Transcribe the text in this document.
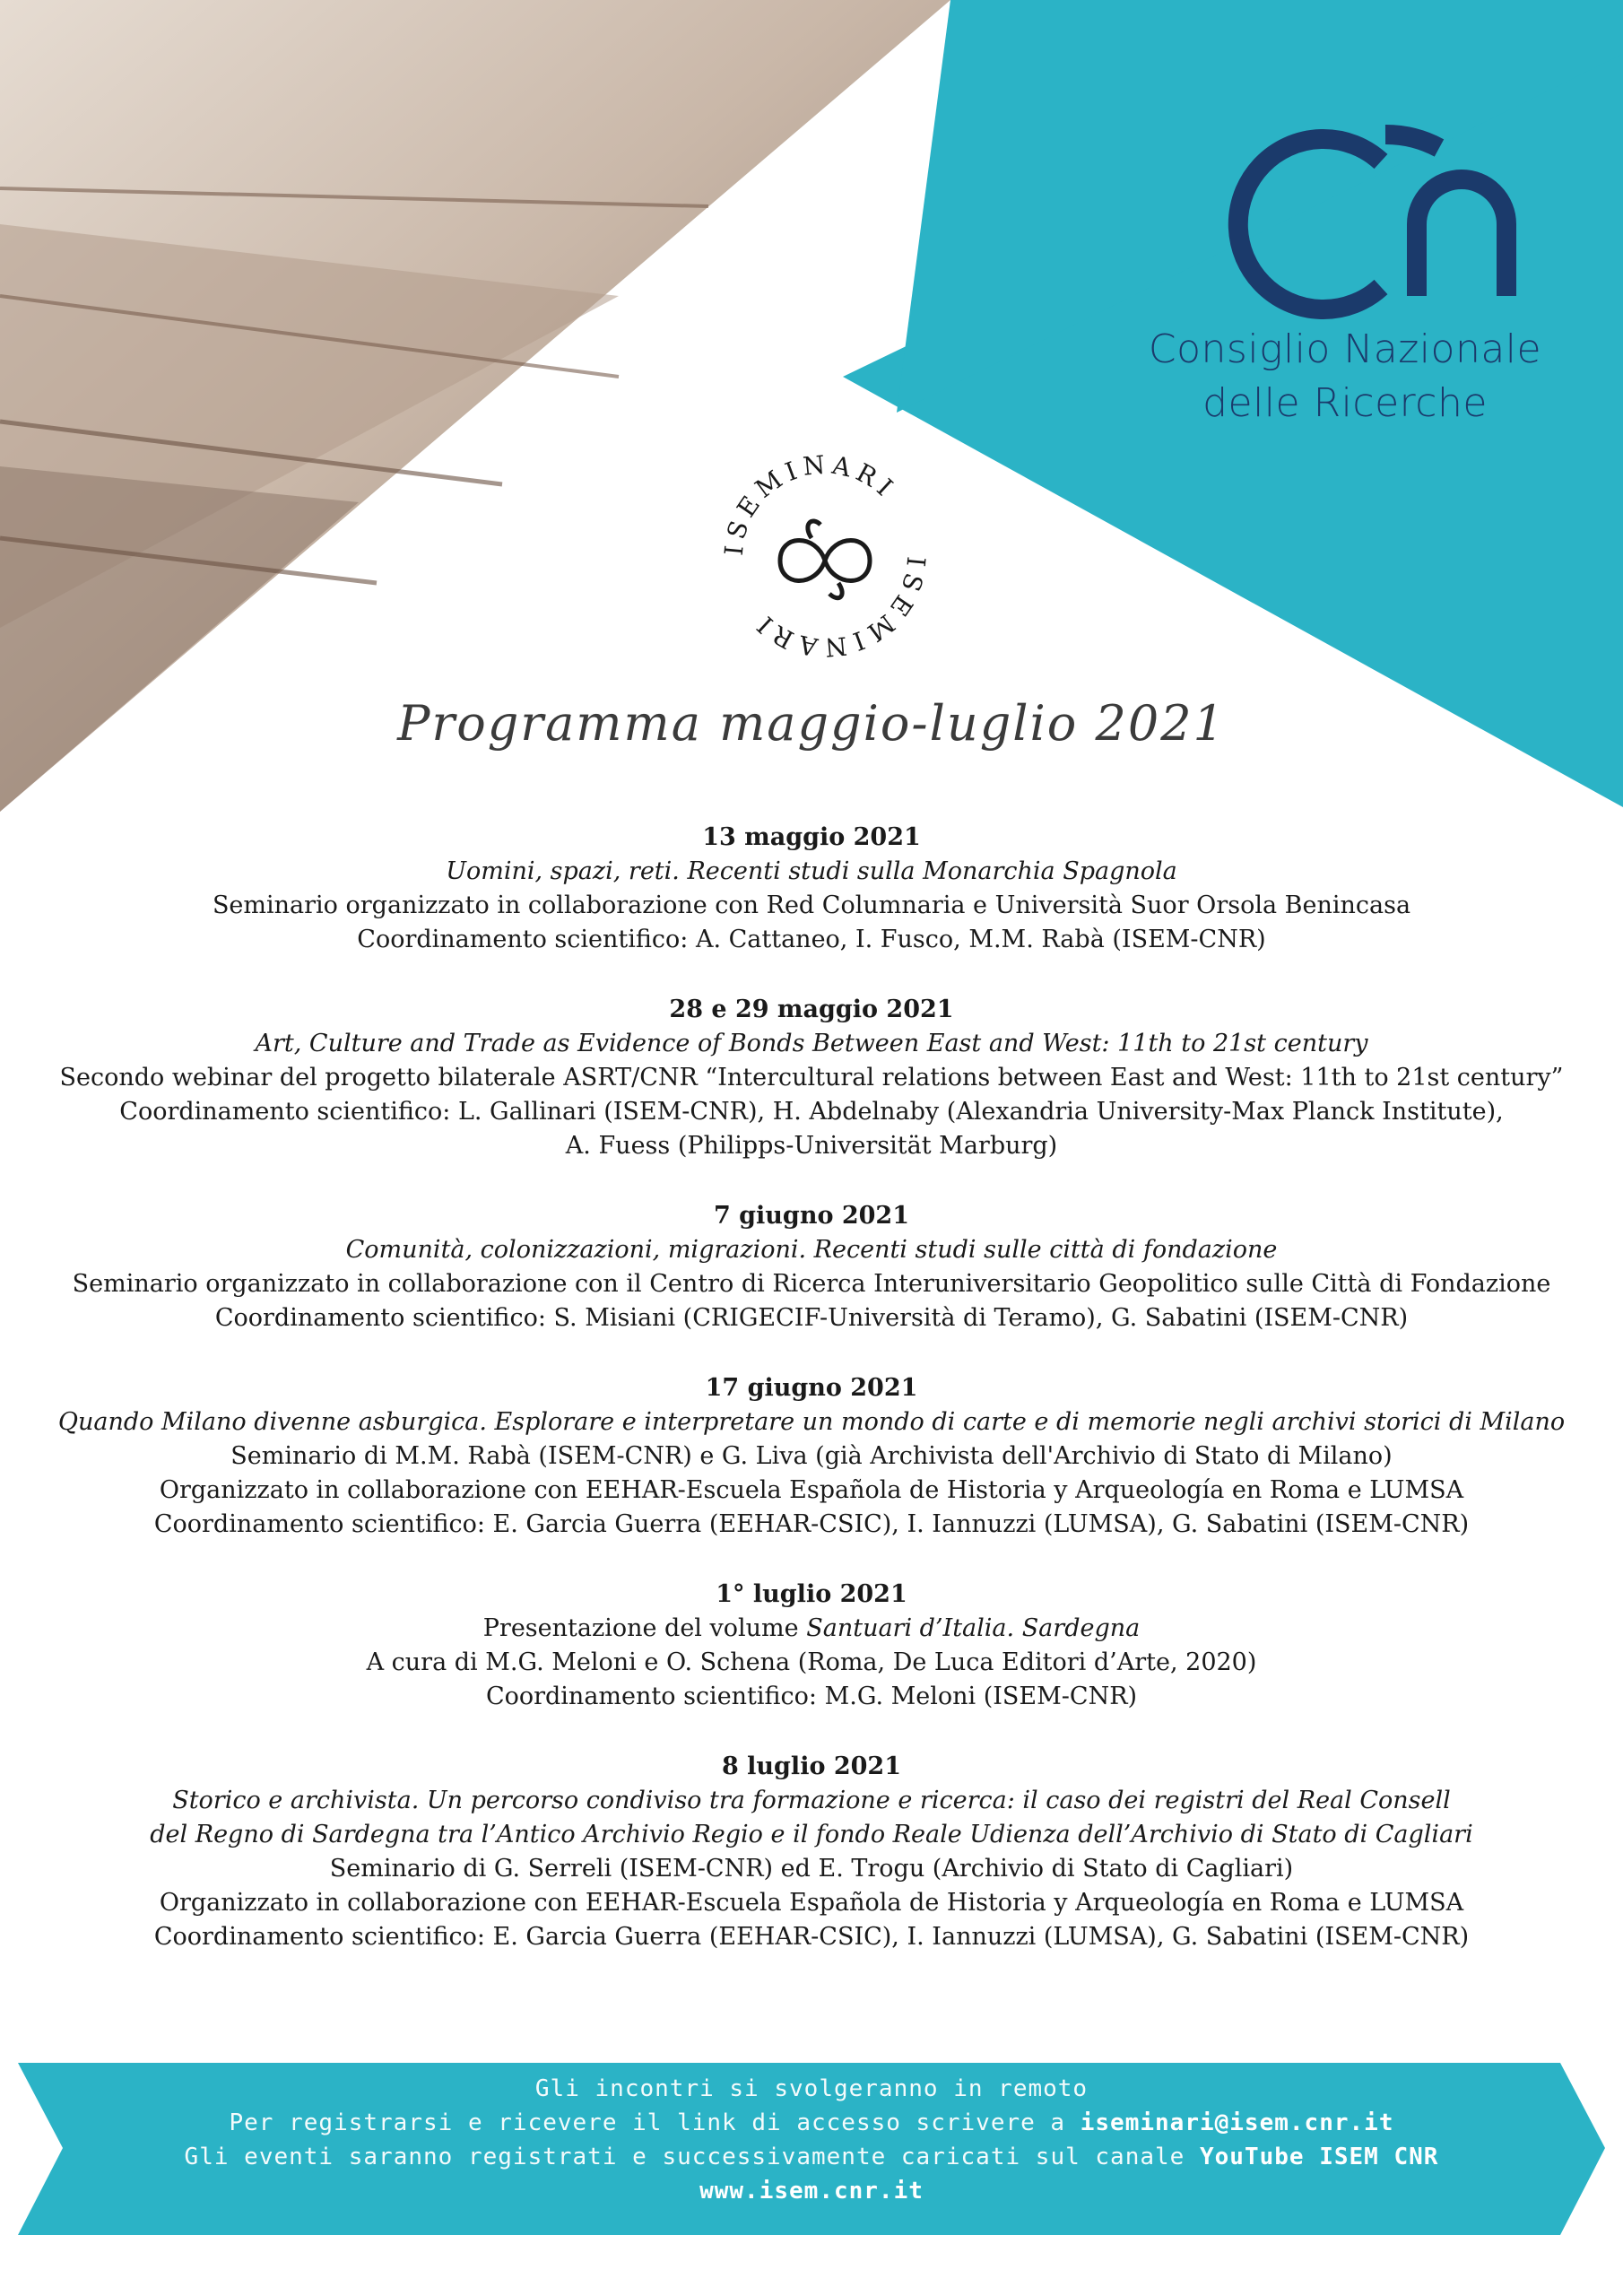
Consiglio Nazionale
delle Ricerche
ISEMINARI
ISEMINARI
Programma maggio-luglio 2021
13 maggio 2021
Uomini, spazi, reti. Recenti studi sulla Monarchia Spagnola
Seminario organizzato in collaborazione con Red Columnaria e Università Suor Orsola Benincasa
Coordinamento scientifico: A. Cattaneo, I. Fusco, M.M. Rabà (ISEM-CNR)
28 e 29 maggio 2021
Art, Culture and Trade as Evidence of Bonds Between East and West: 11th to 21st century
Secondo webinar del progetto bilaterale ASRT/CNR “Intercultural relations between East and West: 11th to 21st century”
Coordinamento scientifico: L. Gallinari (ISEM-CNR), H. Abdelnaby (Alexandria University-Max Planck Institute),
A. Fuess (Philipps-Universität Marburg)
7 giugno 2021
Comunità, colonizzazioni, migrazioni. Recenti studi sulle città di fondazione
Seminario organizzato in collaborazione con il Centro di Ricerca Interuniversitario Geopolitico sulle Città di Fondazione
Coordinamento scientifico: S. Misiani (CRIGECIF-Università di Teramo), G. Sabatini (ISEM-CNR)
17 giugno 2021
Quando Milano divenne asburgica. Esplorare e interpretare un mondo di carte e di memorie negli archivi storici di Milano
Seminario di M.M. Rabà (ISEM-CNR) e G. Liva (già Archivista dell'Archivio di Stato di Milano)
Organizzato in collaborazione con EEHAR-Escuela Española de Historia y Arqueología en Roma e LUMSA
Coordinamento scientifico: E. Garcia Guerra (EEHAR-CSIC), I. Iannuzzi (LUMSA), G. Sabatini (ISEM-CNR)
1° luglio 2021
Presentazione del volume Santuari d’Italia. Sardegna
A cura di M.G. Meloni e O. Schena (Roma, De Luca Editori d’Arte, 2020)
Coordinamento scientifico: M.G. Meloni (ISEM-CNR)
8 luglio 2021
Storico e archivista. Un percorso condiviso tra formazione e ricerca: il caso dei registri del Real Consell
del Regno di Sardegna tra l’Antico Archivio Regio e il fondo Reale Udienza dell’Archivio di Stato di Cagliari
Seminario di G. Serreli (ISEM-CNR) ed E. Trogu (Archivio di Stato di Cagliari)
Organizzato in collaborazione con EEHAR-Escuela Española de Historia y Arqueología en Roma e LUMSA
Coordinamento scientifico: E. Garcia Guerra (EEHAR-CSIC), I. Iannuzzi (LUMSA), G. Sabatini (ISEM-CNR)
Gli incontri si svolgeranno in remoto
Per registrarsi e ricevere il link di accesso scrivere a iseminari@isem.cnr.it
Gli eventi saranno registrati e successivamente caricati sul canale YouTube ISEM CNR
www.isem.cnr.it
